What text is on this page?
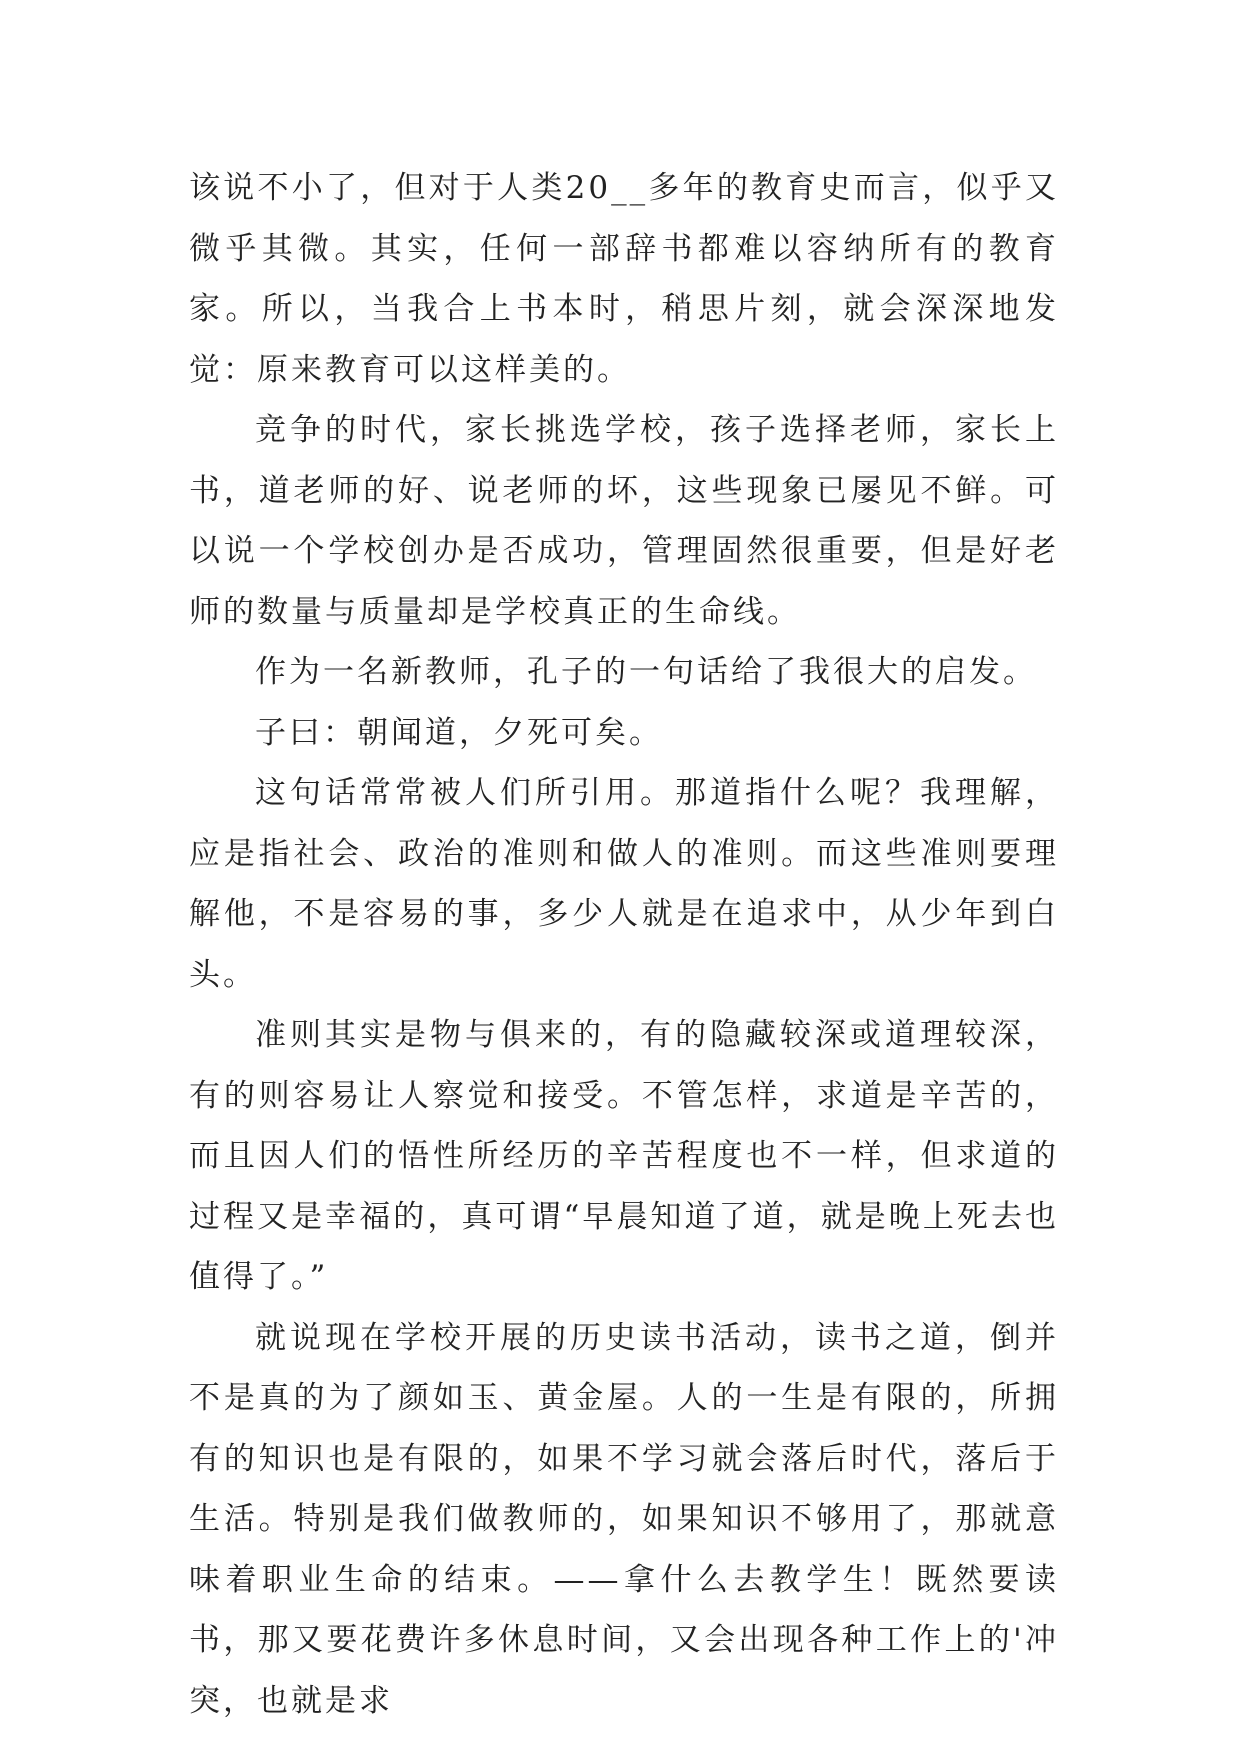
该说不小了，但对于人类20__多年的教育史而言，似乎又微乎其微。其实，任何一部辞书都难以容纳所有的教育家。所以，当我合上书本时，稍思片刻，就会深深地发觉：原来教育可以这样美的。

竞争的时代，家长挑选学校，孩子选择老师，家长上书，道老师的好、说老师的坏，这些现象已屡见不鲜。可以说一个学校创办是否成功，管理固然很重要，但是好老师的数量与质量却是学校真正的生命线。

作为一名新教师，孔子的一句话给了我很大的启发。

子曰：朝闻道，夕死可矣。

这句话常常被人们所引用。那道指什么呢？我理解，应是指社会、政治的准则和做人的准则。而这些准则要理解他，不是容易的事，多少人就是在追求中，从少年到白头。

准则其实是物与俱来的，有的隐藏较深或道理较深，有的则容易让人察觉和接受。不管怎样，求道是辛苦的，而且因人们的悟性所经历的辛苦程度也不一样，但求道的过程又是幸福的，真可谓“早晨知道了道，就是晚上死去也值得了。”

就说现在学校开展的历史读书活动，读书之道，倒并不是真的为了颜如玉、黄金屋。人的一生是有限的，所拥有的知识也是有限的，如果不学习就会落后时代，落后于生活。特别是我们做教师的，如果知识不够用了，那就意味着职业生命的结束。——拿什么去教学生！既然要读书，那又要花费许多休息时间，又会出现各种工作上的'冲突，也就是求
